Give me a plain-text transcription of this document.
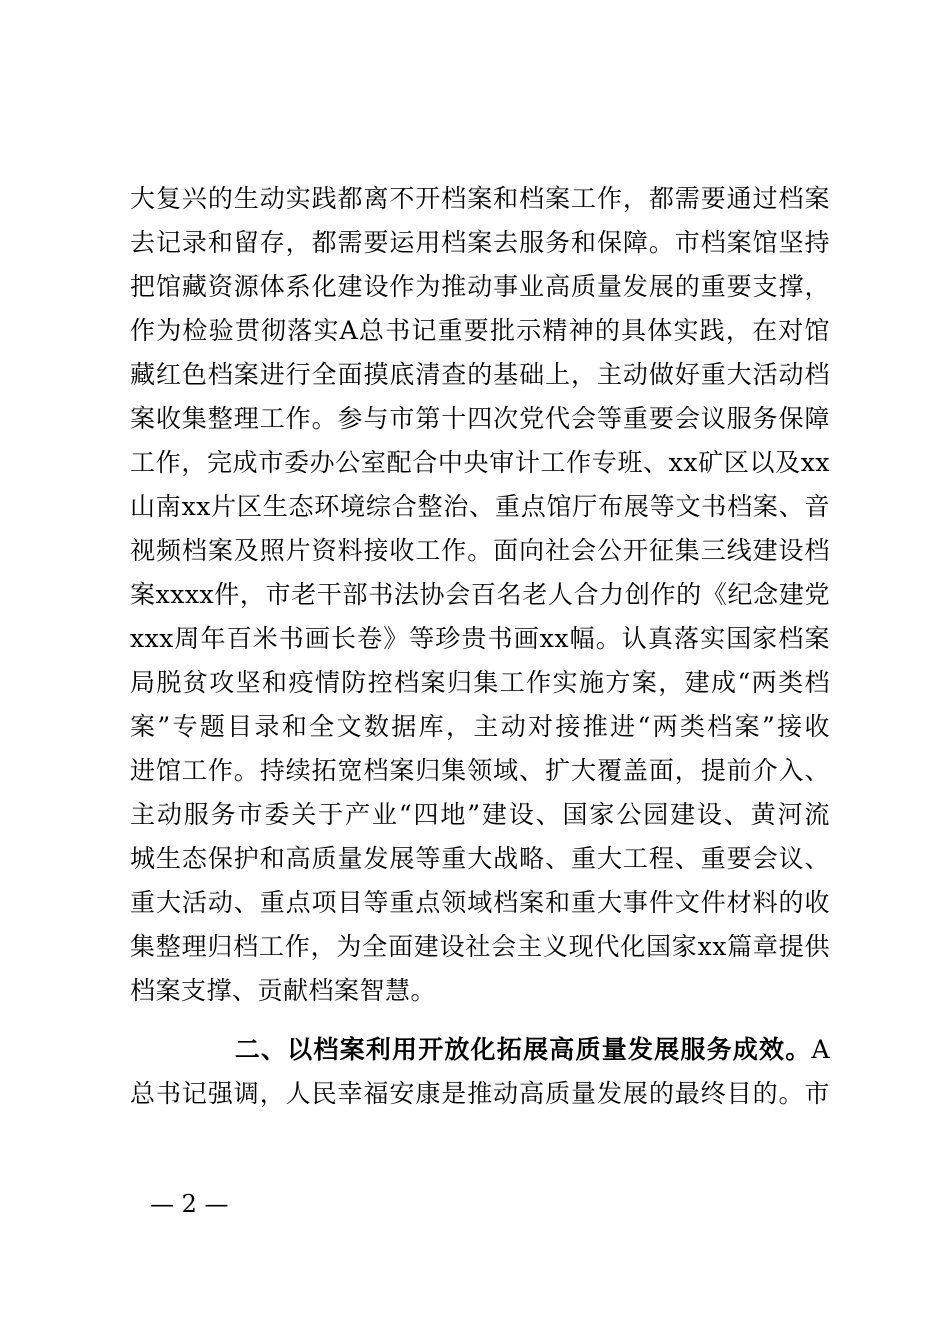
大复兴的生动实践都离不开档案和档案工作，都需要通过档案
去记录和留存，都需要运用档案去服务和保障。市档案馆坚持
把馆藏资源体系化建设作为推动事业高质量发展的重要支撑，
作为检验贯彻落实A总书记重要批示精神的具体实践，在对馆
藏红色档案进行全面摸底清查的基础上，主动做好重大活动档
案收集整理工作。参与市第十四次党代会等重要会议服务保障
工作，完成市委办公室配合中央审计工作专班、xx矿区以及xx
山南xx片区生态环境综合整治、重点馆厅布展等文书档案、音
视频档案及照片资料接收工作。面向社会公开征集三线建设档
案xxxx件，市老干部书法协会百名老人合力创作的《纪念建党
xxx周年百米书画长卷》等珍贵书画xx幅。认真落实国家档案
局脱贫攻坚和疫情防控档案归集工作实施方案，建成“两类档
案”专题目录和全文数据库，主动对接推进“两类档案”接收
进馆工作。持续拓宽档案归集领域、扩大覆盖面，提前介入、
主动服务市委关于产业“四地”建设、国家公园建设、黄河流
城生态保护和高质量发展等重大战略、重大工程、重要会议、
重大活动、重点项目等重点领域档案和重大事件文件材料的收
集整理归档工作，为全面建设社会主义现代化国家xx篇章提供
档案支撑、贡献档案智慧。
二、以档案利用开放化拓展高质量发展服务成效。A
总书记强调，人民幸福安康是推动高质量发展的最终目的。市
— 2 —
